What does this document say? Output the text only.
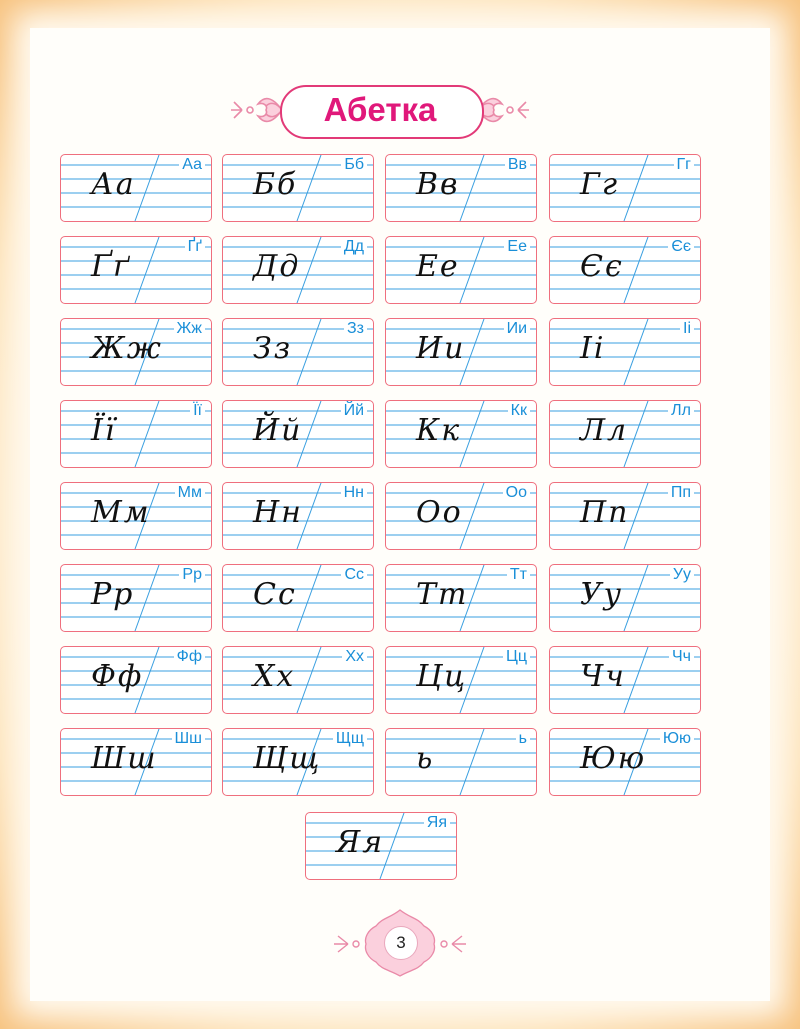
Абетка
Аа
Аа
Бб
Бб
Вв
Вв
Гг
Гг
Ґґ
Ґґ
Дд
Дд
Ее
Ее
Єє
Єє
Жж
Жж
Зз
Зз
Ии
Ии
Іі
Іі
Її
Її
Йй
Йй
Кк
Кк
Лл
Лл
Мм
Мм
Нн
Нн
Оо
Оо
Пп
Пп
Рр
Рр
Сс
Сс
Тт
Тт
Уу
Уу
Фф
Фф
Хх
Хх
Цц
Цц
Чч
Чч
Шш
Шш
Щщ
Щщ
ь
ь
Юю
Юю
Яя
Яя
3
